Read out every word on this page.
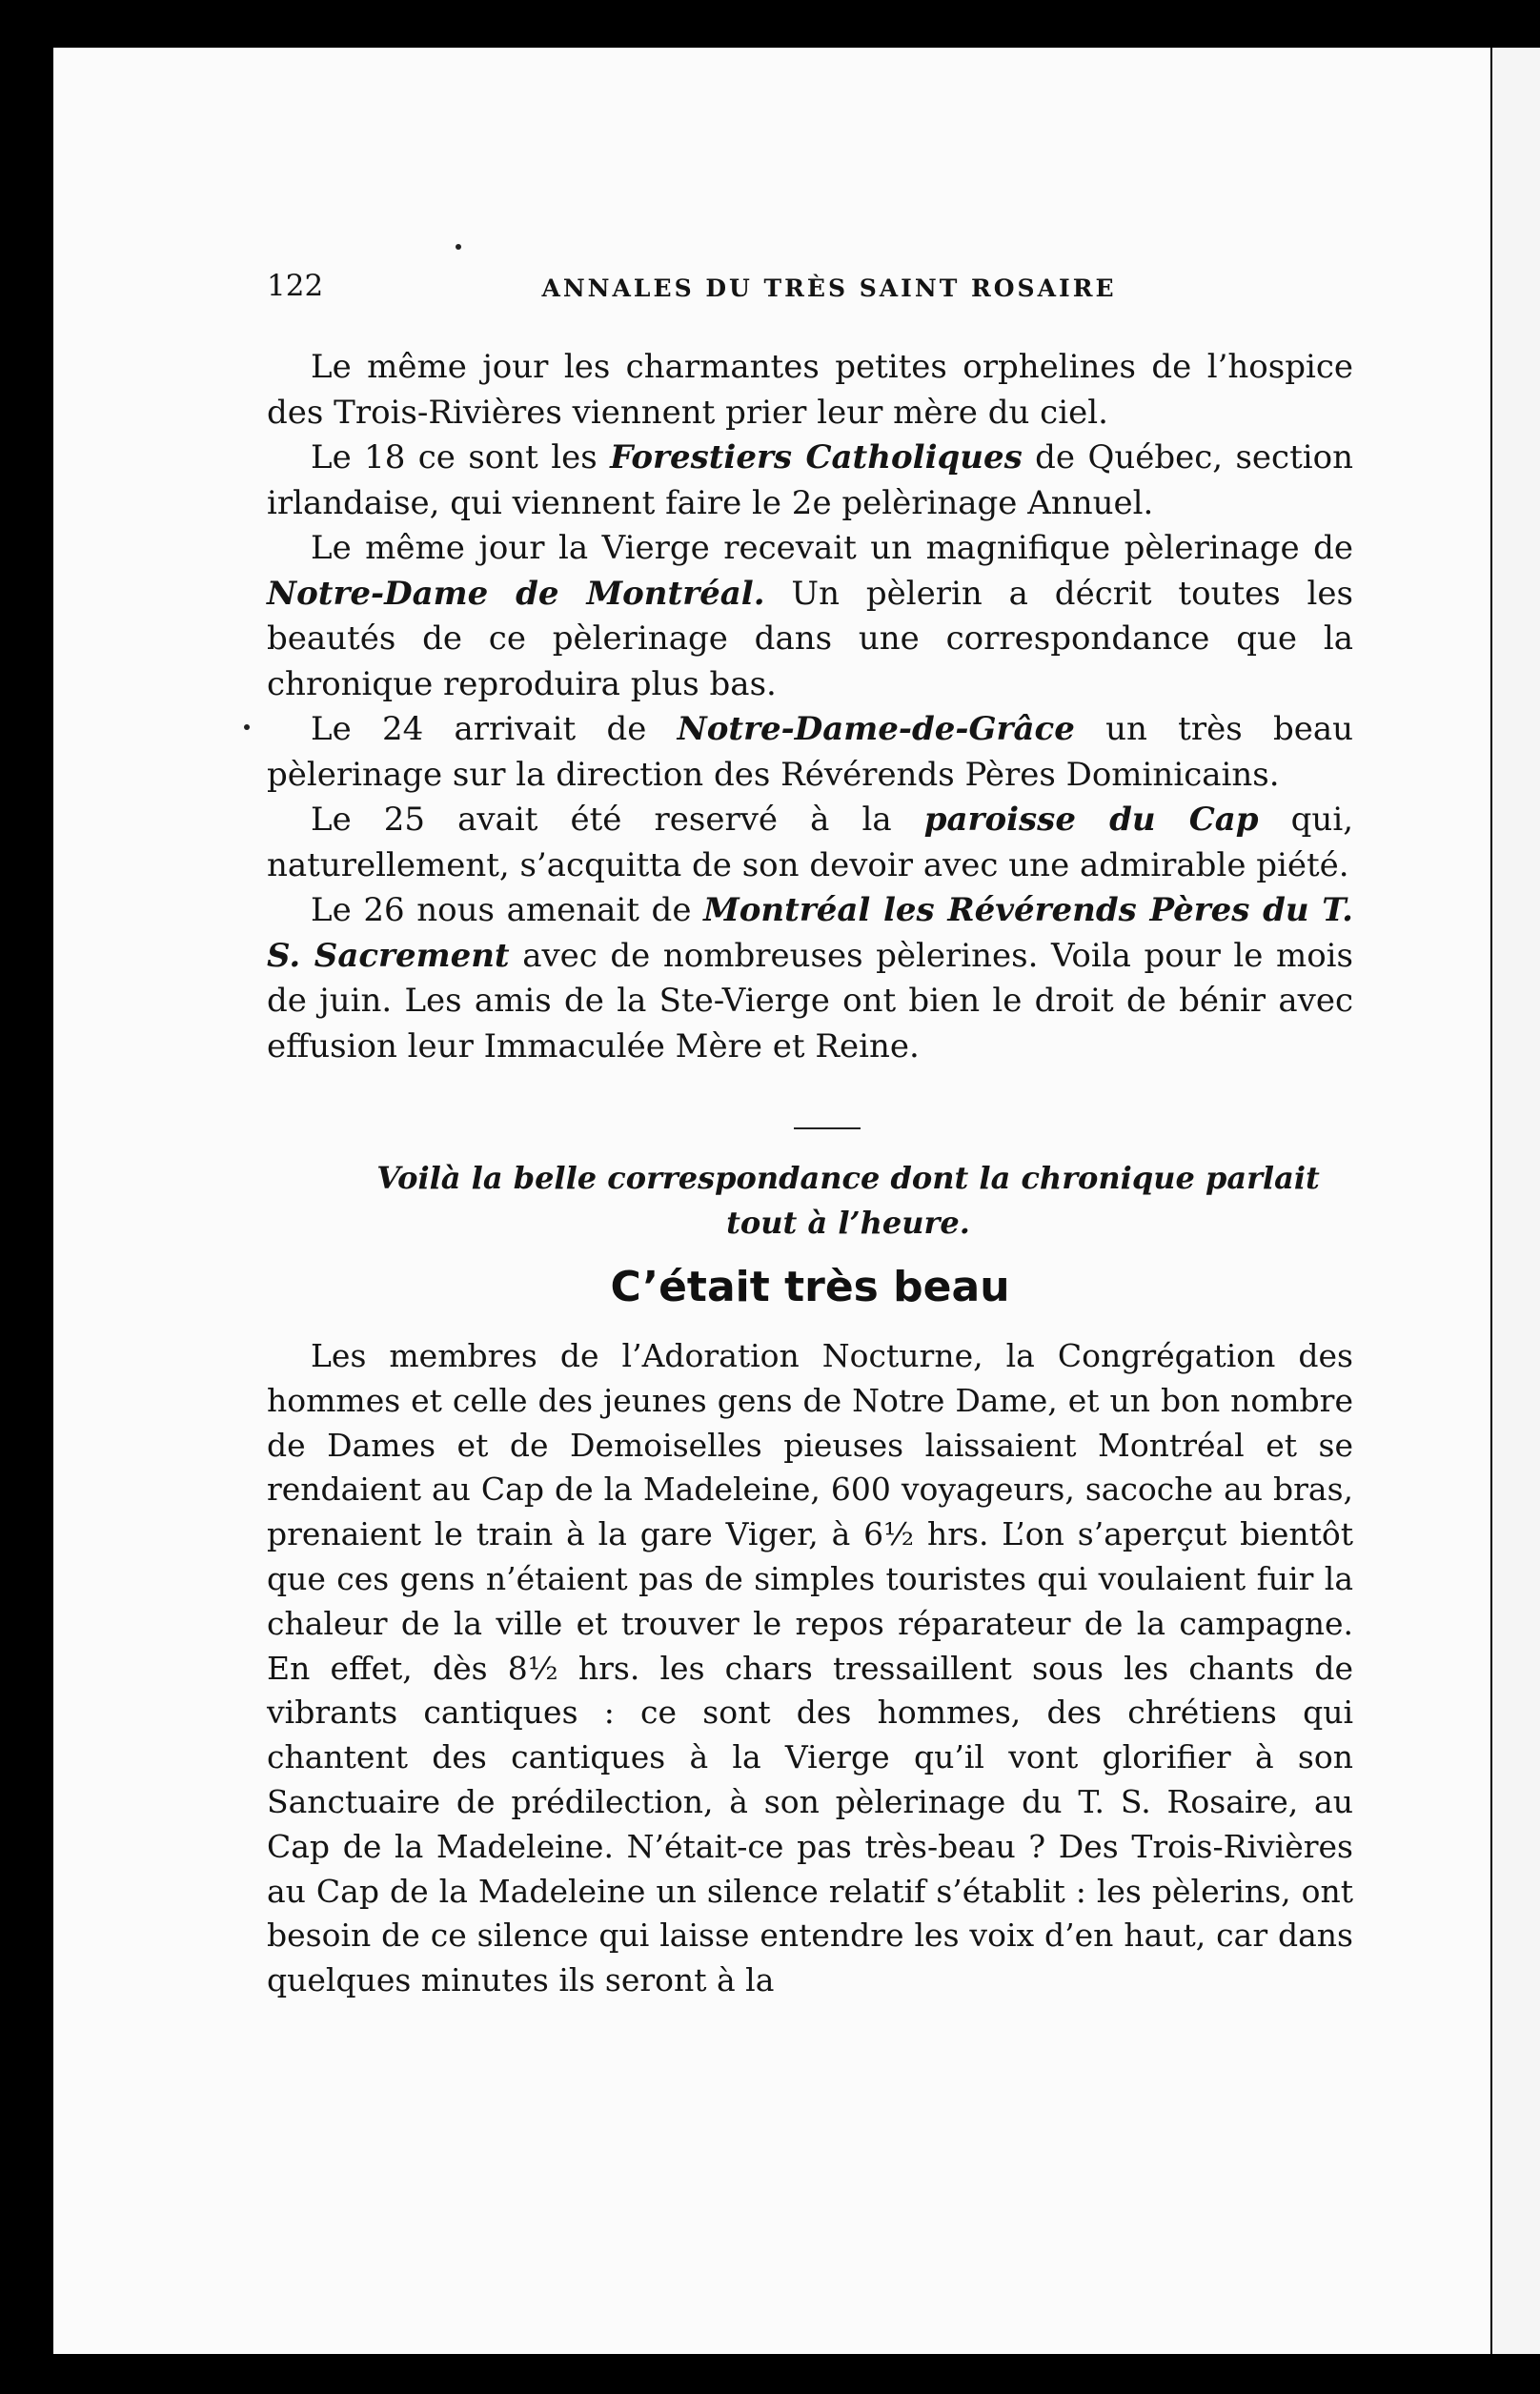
122	ANNALES DU TRÈS SAINT ROSAIRE

Le même jour les charmantes petites orphelines de l’hospice des Trois-Rivières viennent prier leur mère du ciel.

Le 18 ce sont les Forestiers Catholiques de Québec, section irlandaise, qui viennent faire le 2e pelèrinage Annuel.

Le même jour la Vierge recevait un magnifique pèlerinage de Notre-Dame de Montréal. Un pèlerin a décrit toutes les beautés de ce pèlerinage dans une correspondance que la chronique reproduira plus bas.

Le 24 arrivait de Notre-Dame-de-Grâce un très beau pèlerinage sur la direction des Révérends Pères Dominicains.

Le 25 avait été reservé à la paroisse du Cap qui, naturellement, s’acquitta de son devoir avec une admirable piété.

Le 26 nous amenait de Montréal les Révérends Pères du T. S. Sacrement avec de nombreuses pèlerines. Voila pour le mois de juin. Les amis de la Ste-Vierge ont bien le droit de bénir avec effusion leur Immaculée Mère et Reine.

Voilà la belle correspondance dont la chronique parlait tout à l’heure.
C’était très beau

Les membres de l’Adoration Nocturne, la Congrégation des hommes et celle des jeunes gens de Notre Dame, et un bon nombre de Dames et de Demoiselles pieuses laissaient Montréal et se rendaient au Cap de la Madeleine, 600 voyageurs, sacoche au bras, prenaient le train à la gare Viger, à 6½ hrs. L’on s’aperçut bientôt que ces gens n’étaient pas de simples touristes qui voulaient fuir la chaleur de la ville et trouver le repos réparateur de la campagne. En effet, dès 8½ hrs. les chars tressaillent sous les chants de vibrants cantiques : ce sont des hommes, des chrétiens qui chantent des cantiques à la Vierge qu’il vont glorifier à son Sanctuaire de prédilection, à son pèlerinage du T. S. Rosaire, au Cap de la Madeleine. N’était-ce pas très-beau ? Des Trois-Rivières au Cap de la Madeleine un silence relatif s’établit : les pèlerins, ont besoin de ce silence qui laisse entendre les voix d’en haut, car dans quelques minutes ils seront à la
